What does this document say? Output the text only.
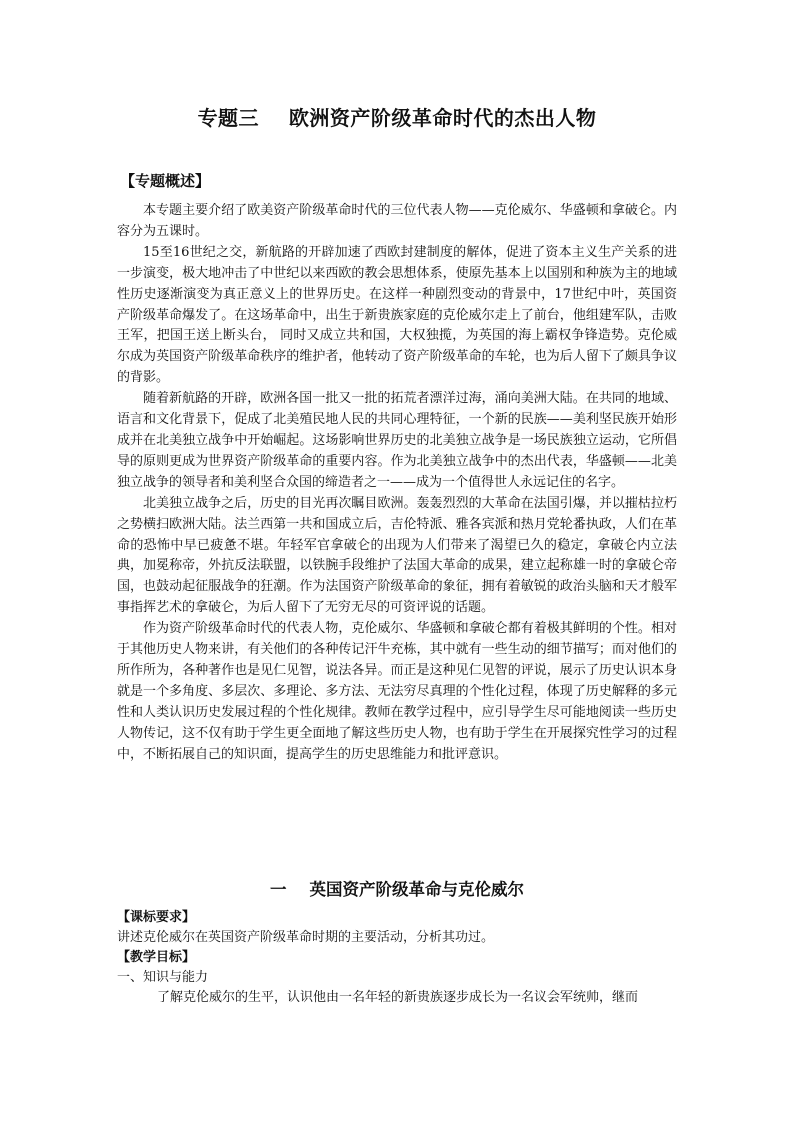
专题三    欧洲资产阶级革命时代的杰出人物
【专题概述】

本专题主要介绍了欧美资产阶级革命时代的三位代表人物——克伦威尔、华盛顿和拿破仑。内容分为五课时。

15至16世纪之交，新航路的开辟加速了西欧封建制度的解体，促进了资本主义生产关系的进一步演变，极大地冲击了中世纪以来西欧的教会思想体系，使原先基本上以国别和种族为主的地域性历史逐渐演变为真正意义上的世界历史。在这样一种剧烈变动的背景中，17世纪中叶，英国资产阶级革命爆发了。在这场革命中，出生于新贵族家庭的克伦威尔走上了前台，他组建军队，击败王军，把国王送上断头台， 同时又成立共和国，大权独揽，为英国的海上霸权争锋造势。克伦威尔成为英国资产阶级革命秩序的维护者，他转动了资产阶级革命的车轮，也为后人留下了颇具争议的背影。

随着新航路的开辟，欧洲各国一批又一批的拓荒者漂洋过海，涌向美洲大陆。在共同的地域、语言和文化背景下，促成了北美殖民地人民的共同心理特征，一个新的民族——美利坚民族开始形成并在北美独立战争中开始崛起。这场影响世界历史的北美独立战争是一场民族独立运动，它所倡导的原则更成为世界资产阶级革命的重要内容。作为北美独立战争中的杰出代表，华盛顿——北美独立战争的领导者和美利坚合众国的缔造者之一——成为一个值得世人永远记住的名字。

北美独立战争之后，历史的目光再次瞩目欧洲。轰轰烈烈的大革命在法国引爆，并以摧枯拉朽之势横扫欧洲大陆。法兰西第一共和国成立后，吉伦特派、雅各宾派和热月党轮番执政，人们在革命的恐怖中早已疲惫不堪。年轻军官拿破仑的出现为人们带来了渴望已久的稳定，拿破仑内立法典，加冕称帝，外抗反法联盟，以铁腕手段维护了法国大革命的成果，建立起称雄一时的拿破仑帝国，也鼓动起征服战争的狂潮。作为法国资产阶级革命的象征，拥有着敏锐的政治头脑和天才般军事指挥艺术的拿破仑，为后人留下了无穷无尽的可资评说的话题。

作为资产阶级革命时代的代表人物，克伦威尔、华盛顿和拿破仑都有着极其鲜明的个性。相对于其他历史人物来讲，有关他们的各种传记汗牛充栋，其中就有一些生动的细节描写；而对他们的所作所为，各种著作也是见仁见智，说法各异。而正是这种见仁见智的评说，展示了历史认识本身就是一个多角度、多层次、多理论、多方法、无法穷尽真理的个性化过程，体现了历史解释的多元性和人类认识历史发展过程的个性化规律。教师在教学过程中，应引导学生尽可能地阅读一些历史人物传记，这不仅有助于学生更全面地了解这些历史人物，也有助于学生在开展探究性学习的过程中，不断拓展自己的知识面，提高学生的历史思维能力和批评意识。

一    英国资产阶级革命与克伦威尔
【课标要求】
讲述克伦威尔在英国资产阶级革命时期的主要活动，分析其功过。
【教学目标】
一、知识与能力
了解克伦威尔的生平，认识他由一名年轻的新贵族逐步成长为一名议会军统帅，继而
